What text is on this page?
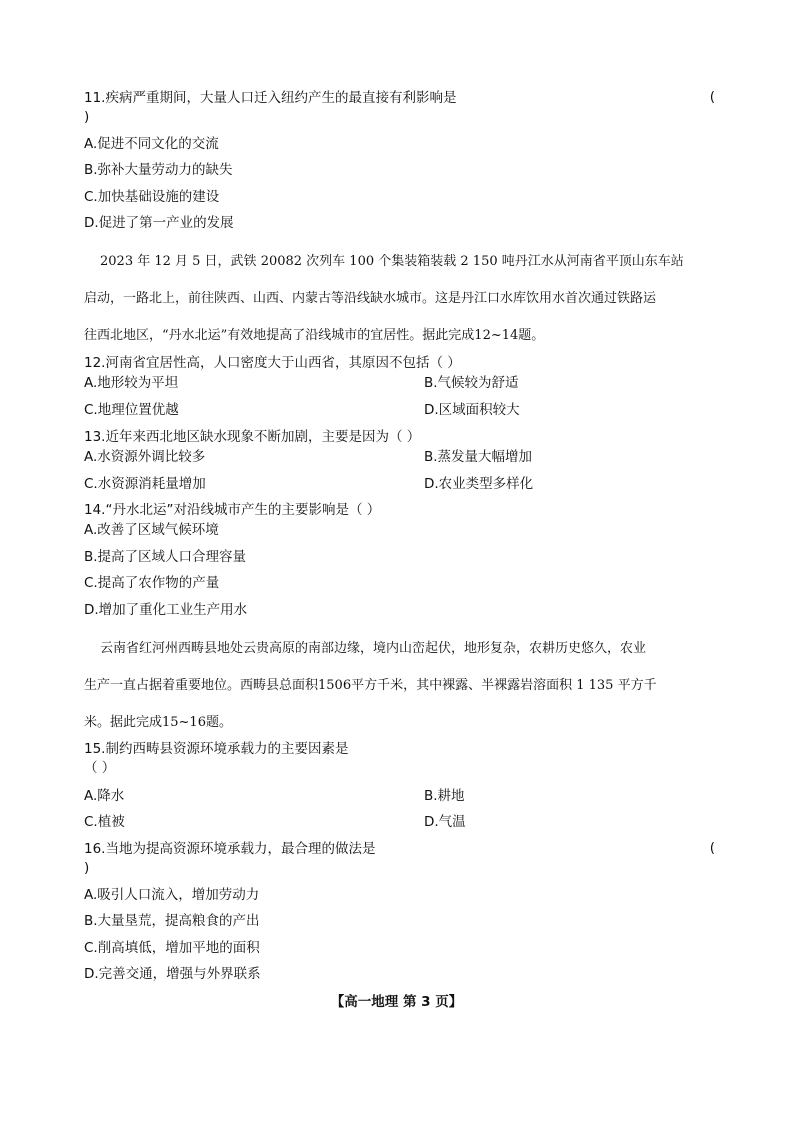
11.疾病严重期间，大量人口迁入纽约产生的最直接有利影响是	(
)
A.促进不同文化的交流
B.弥补大量劳动力的缺失
C.加快基础设施的建设
D.促进了第一产业的发展
2023 年 12 月 5 日，武铁 20082 次列车 100 个集装箱装载 2 150 吨丹江水从河南省平顶山东车站
启动，一路北上，前往陕西、山西、内蒙古等沿线缺水城市。这是丹江口水库饮用水首次通过铁路运
往西北地区，“丹水北运”有效地提高了沿线城市的宜居性。据此完成12~14题。
12.河南省宜居性高，人口密度大于山西省，其原因不包括（ ）
A.地形较为平坦	B.气候较为舒适
C.地理位置优越	D.区域面积较大
13.近年来西北地区缺水现象不断加剧，主要是因为（ ）
A.水资源外调比较多	B.蒸发量大幅增加
C.水资源消耗量增加	D.农业类型多样化
14.“丹水北运”对沿线城市产生的主要影响是（ ）
A.改善了区域气候环境
B.提高了区域人口合理容量
C.提高了农作物的产量
D.增加了重化工业生产用水
云南省红河州西畴县地处云贵高原的南部边缘，境内山峦起伏，地形复杂，农耕历史悠久，农业
生产一直占据着重要地位。西畴县总面积1506平方千米，其中裸露、半裸露岩溶面积 1 135 平方千
米。据此完成15~16题。
15.制约西畴县资源环境承载力的主要因素是
（ ）
A.降水	B.耕地
C.植被	D.气温
16.当地为提高资源环境承载力，最合理的做法是	(
)
A.吸引人口流入，增加劳动力
B.大量垦荒，提高粮食的产出
C.削高填低，增加平地的面积
D.完善交通，增强与外界联系
【高一地理 第 3 页】
